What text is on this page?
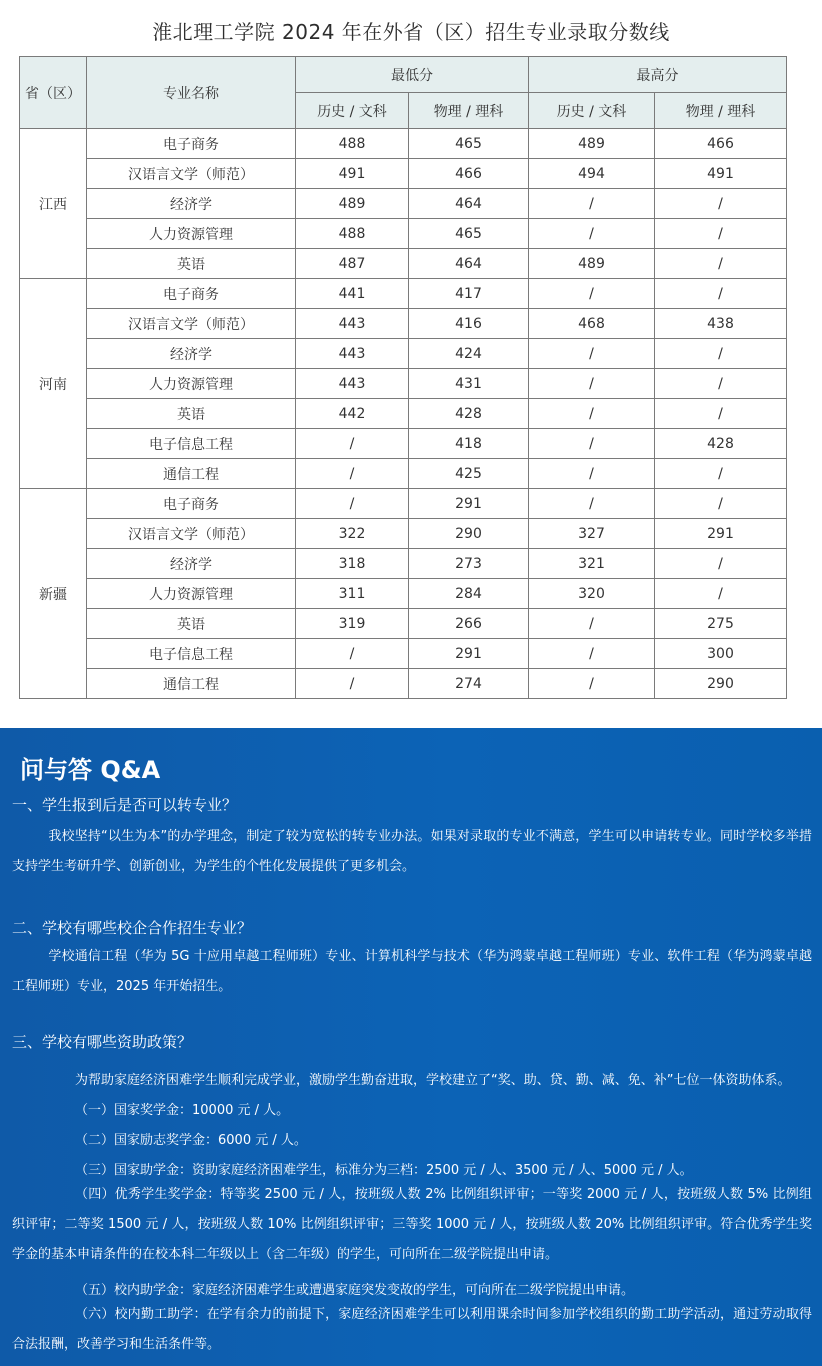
淮北理工学院 2024 年在外省（区）招生专业录取分数线
省（区）	专业名称	最低分		最高分	
		历史 / 文科	物理 / 理科	历史 / 文科	物理 / 理科
江西	电子商务	488	465	489	466
	汉语言文学（师范）	491	466	494	491
	经济学	489	464	/	/
	人力资源管理	488	465	/	/
	英语	487	464	489	/
河南	电子商务	441	417	/	/
	汉语言文学（师范）	443	416	468	438
	经济学	443	424	/	/
	人力资源管理	443	431	/	/
	英语	442	428	/	/
	电子信息工程	/	418	/	428
	通信工程	/	425	/	/
新疆	电子商务	/	291	/	/
	汉语言文学（师范）	322	290	327	291
	经济学	318	273	321	/
	人力资源管理	311	284	320	/
	英语	319	266	/	275
	电子信息工程	/	291	/	300
	通信工程	/	274	/	290
问与答 Q&A
一、学生报到后是否可以转专业？
我校坚持“以生为本”的办学理念，制定了较为宽松的转专业办法。如果对录取的专业不满意，学生可以申请转专业。同时学校多举措支持学生考研升学、创新创业，为学生的个性化发展提供了更多机会。
二、学校有哪些校企合作招生专业？
学校通信工程（华为 5G 十应用卓越工程师班）专业、计算机科学与技术（华为鸿蒙卓越工程师班）专业、软件工程（华为鸿蒙卓越工程师班）专业，2025 年开始招生。
三、学校有哪些资助政策？
为帮助家庭经济困难学生顺利完成学业，激励学生勤奋进取，学校建立了“奖、助、贷、勤、减、免、补”七位一体资助体系。
（一）国家奖学金：10000 元 / 人。
（二）国家励志奖学金：6000 元 / 人。
（三）国家助学金：资助家庭经济困难学生，标准分为三档：2500 元 / 人、3500 元 / 人、5000 元 / 人。
（四）优秀学生奖学金：特等奖 2500 元 / 人，按班级人数 2% 比例组织评审；一等奖 2000 元 / 人，按班级人数 5% 比例组织评审；二等奖 1500 元 / 人，按班级人数 10% 比例组织评审；三等奖 1000 元 / 人，按班级人数 20% 比例组织评审。符合优秀学生奖学金的基本申请条件的在校本科二年级以上（含二年级）的学生，可向所在二级学院提出申请。
（五）校内助学金：家庭经济困难学生或遭遇家庭突发变故的学生，可向所在二级学院提出申请。
（六）校内勤工助学：在学有余力的前提下，家庭经济困难学生可以利用课余时间参加学校组织的勤工助学活动，通过劳动取得合法报酬，改善学习和生活条件等。
